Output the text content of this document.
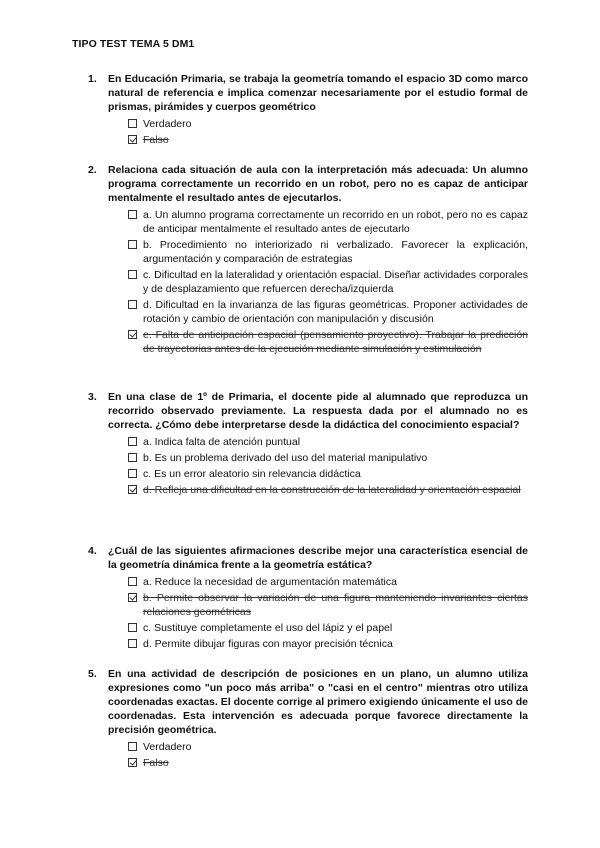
TIPO TEST TEMA 5 DM1
1.	En Educación Primaria, se trabaja la geometría tomando el espacio 3D como marco natural de referencia e implica comenzar necesariamente por el estudio formal de prismas, pirámides y cuerpos geométrico
Verdadero
Falso
2.	Relaciona cada situación de aula con la interpretación más adecuada: Un alumno programa correctamente un recorrido en un robot, pero no es capaz de anticipar mentalmente el resultado antes de ejecutarlos.
a. Un alumno programa correctamente un recorrido en un robot, pero no es capaz de anticipar mentalmente el resultado antes de ejecutarlo
b. Procedimiento no interiorizado ni verbalizado. Favorecer la explicación, argumentación y comparación de estrategias
c. Dificultad en la lateralidad y orientación espacial. Diseñar actividades corporales y de desplazamiento que refuercen derecha/izquierda
d. Dificultad en la invarianza de las figuras geométricas. Proponer actividades de rotación y cambio de orientación con manipulación y discusión
e. Falta de anticipación espacial (pensamiento proyectivo). Trabajar la predicción de trayectorias antes de la ejecución mediante simulación y estimulación
3.	En una clase de 1º de Primaria, el docente pide al alumnado que reproduzca un recorrido observado previamente. La respuesta dada por el alumnado no es correcta. ¿Cómo debe interpretarse desde la didáctica del conocimiento espacial?
a. Indica falta de atención puntual
b. Es un problema derivado del uso del material manipulativo
c. Es un error aleatorio sin relevancia didáctica
d. Refleja una dificultad en la construcción de la lateralidad y orientación espacial
4.	¿Cuál de las siguientes afirmaciones describe mejor una característica esencial de la geometría dinámica frente a la geometría estática?
a. Reduce la necesidad de argumentación matemática
b. Permite observar la variación de una figura manteniendo invariantes ciertas relaciones geométricas
c. Sustituye completamente el uso del lápiz y el papel
d. Permite dibujar figuras con mayor precisión técnica
5.	En una actividad de descripción de posiciones en un plano, un alumno utiliza expresiones como "un poco más arriba" o "casi en el centro" mientras otro utiliza coordenadas exactas. El docente corrige al primero exigiendo únicamente el uso de coordenadas. Esta intervención es adecuada porque favorece directamente la precisión geométrica.
Verdadero
Falso
